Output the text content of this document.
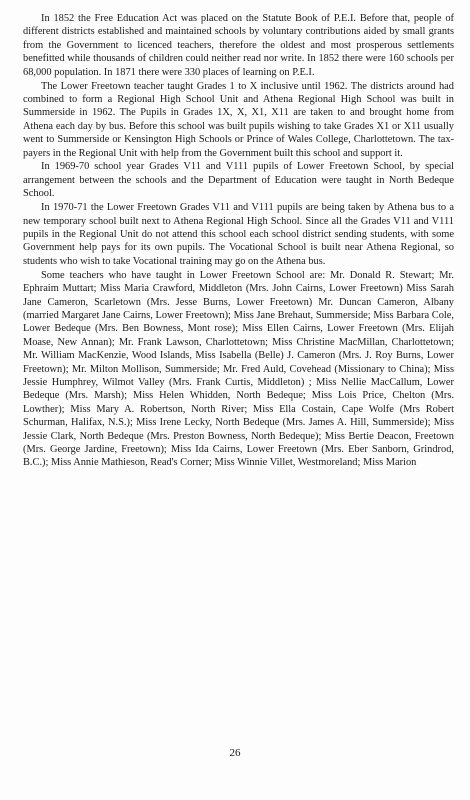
In 1852 the Free Education Act was placed on the Statute Book of P.E.I. Before that, people of different districts established and maintained schools by voluntary contributions aided by small grants from the Government to licenced teachers, therefore the oldest and most prosperous settlements benefitted while thousands of children could neither read nor write. In 1852 there were 160 schools per 68,000 population. In 1871 there were 330 places of learning on P.E.I.

The Lower Freetown teacher taught Grades 1 to X inclusive until 1962. The districts around had combined to form a Regional High School Unit and Athena Regional High School was built in Summerside in 1962. The Pupils in Grades 1X, X, X1, X11 are taken to and brought home from Athena each day by bus. Before this school was built pupils wishing to take Grades X1 or X11 usually went to Summerside or Kensington High Schools or Prince of Wales College, Charlottetown. The tax-payers in the Regional Unit with help from the Government built this school and support it.

In 1969-70 school year Grades V11 and V111 pupils of Lower Freetown School, by special arrangement between the schools and the Department of Education were taught in North Bedeque School.

In 1970-71 the Lower Freetown Grades V11 and V111 pupils are being taken by Athena bus to a new temporary school built next to Athena Regional High School. Since all the Grades V11 and V111 pupils in the Regional Unit do not attend this school each school district sending students, with some Government help pays for its own pupils. The Vocational School is built near Athena Regional, so students who wish to take Vocational training may go on the Athena bus.

Some teachers who have taught in Lower Freetown School are: Mr. Donald R. Stewart; Mr. Ephraim Muttart; Miss Maria Crawford, Middleton (Mrs. John Cairns, Lower Freetown) Miss Sarah Jane Cameron, Scarletown (Mrs. Jesse Burns, Lower Freetown) Mr. Duncan Cameron, Albany (married Margaret Jane Cairns, Lower Freetown); Miss Jane Brehaut, Summerside; Miss Barbara Cole, Lower Bedeque (Mrs. Ben Bowness, Mont rose); Miss Ellen Cairns, Lower Freetown (Mrs. Elijah Moase, New Annan); Mr. Frank Lawson, Charlottetown; Miss Christine MacMillan, Charlottetown; Mr. William MacKenzie, Wood Islands, Miss Isabella (Belle) J. Cameron (Mrs. J. Roy Burns, Lower Freetown); Mr. Milton Mollison, Summerside; Mr. Fred Auld, Covehead (Missionary to China); Miss Jessie Humphrey, Wilmot Valley (Mrs. Frank Curtis, Middleton) ; Miss Nellie MacCallum, Lower Bedeque (Mrs. Marsh); Miss Helen Whidden, North Bedeque; Miss Lois Price, Chelton (Mrs. Lowther); Miss Mary A. Robertson, North River; Miss Ella Costain, Cape Wolfe (Mrs Robert Schurman, Halifax, N.S.); Miss Irene Lecky, North Bedeque (Mrs. James A. Hill, Summerside); Miss Jessie Clark, North Bedeque (Mrs. Preston Bowness, North Bedeque); Miss Bertie Deacon, Freetown (Mrs. George Jardine, Freetown); Miss Ida Cairns, Lower Freetown (Mrs. Eber Sanborn, Grindrod, B.C.); Miss Annie Mathieson, Read's Corner; Miss Winnie Villet, Westmoreland; Miss Marion

26
